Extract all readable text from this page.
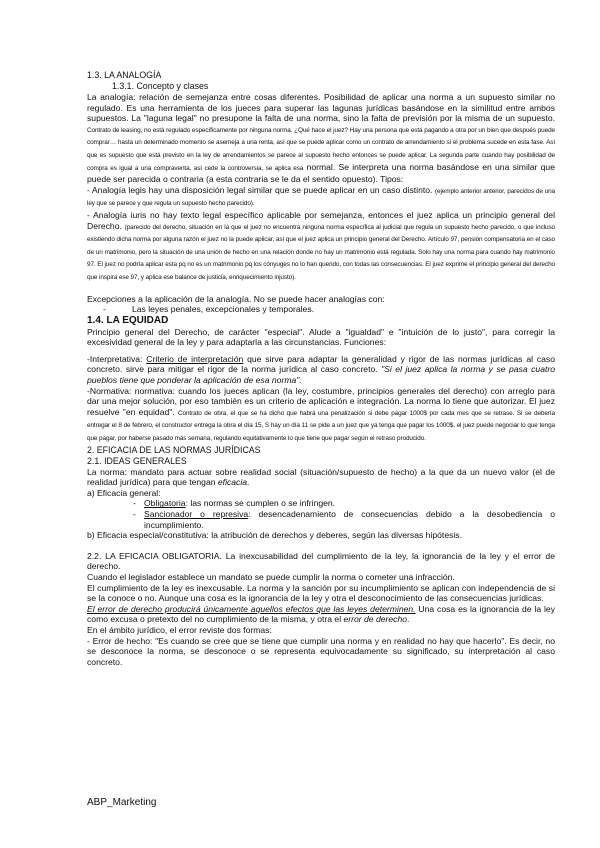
1.3. LA ANALOGÍA

1.3.1. Concepto y clases

La analogía: relación de semejanza entre cosas diferentes. Posibilidad de aplicar una norma a un supuesto similar no regulado. Es una herramienta de los jueces para superar las lagunas jurídicas basándose en la similitud entre ambos supuestos. La "laguna legal" no presupone la falta de una norma, sino la falta de previsión por la misma de un supuesto. Contrato de leasing, no está regulado específicamente por ninguna norma. ¿Qué hace el juez? Hay una persona que está pagando a otra por un bien que después puede comprar… hasta un determinado momento se asemeja a una renta, así que se puede aplicar como un contrato de arrendamiento si el problema sucede en esta fase. Así que es supuesto que está previsto en la ley de arrendamientos se parece al supuesto hecho entonces se puede aplicar. La segunda parte cuando hay posibilidad de compra es igual a una compraventa, así cede la controversia, se aplica esa normal. Se interpreta una norma basándose en una similar que puede ser parecida o contraria (a esta contraria se le da el sentido opuesto). Tipos:

- Analogía legis hay una disposición legal similar que se puede aplicar en un caso distinto. (ejemplo anterior anterior, parecidos de una ley que se parece y que regula un supuesto hecho parecido).

- Analogía iuris no hay texto legal específico aplicable por semejanza, entonces el juez aplica un principio general del Derecho. (parecido del derecho, situación en la que el juez no encuentra ninguna norma específica al judicial que regula un supuesto hecho parecido, o que incluso existiendo dicha norma por alguna razón el juez no la puede aplicar, así que el juez aplica un principio general del Derecho. Artículo 97, pensión compensatoria en el caso de un matrimonio, pero la situación de una unión de hecho en una relación donde no hay un matrimonio está regulada. Solo hay una norma para cuando hay matrimonio 97. El juez no podría aplicar esta pq no es un matrimonio pq los cónyuges no lo han querido, con todas las consecuencias. El juez exprime el principio general del derecho que inspira ese 97, y aplica ese balance de justicia, enriquecimiento injusto).

Excepciones a la aplicación de la analogía. No se puede hacer analogías con:

-	Las leyes penales, excepcionales y temporales.

1.4. LA EQUIDAD

Principio general del Derecho, de carácter "especial". Alude a "igualdad" e "intuición de lo justo", para corregir la excesividad general de la ley y para adaptarla a las circunstancias. Funciones:

-Interpretativa: Criterio de interpretación que sirve para adaptar la generalidad y rigor de las normas jurídicas al caso concreto. sirve para mitigar el rigor de la norma jurídica al caso concreto. "Si el juez aplica la norma y se pasa cuatro pueblos tiene que ponderar la aplicación de esa norma".

-Normativa: normativa: cuando los jueces aplican (la ley, costumbre, principios generales del derecho) con arreglo para dar una mejor solución, por eso también es un criterio de aplicación e integración. La norma lo tiene que autorizar. El juez resuelve "en equidad". Contrato de obra, el que se ha dicho que habrá una penalización si debe pagar 1000$ por cada mes que se retrase. Si se debería entregar el 8 de febrero, el constructor entrega la obra el día 15, S hay un día 11 se pide a un juez que ya tenga que pagar los 1000$, el juez puede negociar lo que tenga que pagar, por haberse pasado más semana, regulando equitativamente lo que tiene que pagar según el retraso producido.

2. EFICACIA DE LAS NORMAS JURÍDICAS

2.1. IDEAS GENERALES

La norma: mandato para actuar sobre realidad social (situación/supuesto de hecho) a la que da un nuevo valor (el de realidad jurídica) para que tengan eficacia.

a) Eficacia general:

- Obligatoria: las normas se cumplen o se infringen.
- Sancionador o represiva: desencadenamiento de consecuencias debido a la desobediencia o incumplimiento.

b) Eficacia especial/constitutiva: la atribución de derechos y deberes, según las diversas hipótesis.

2.2. LA EFICACIA OBLIGATORIA. La inexcusabilidad del cumplimiento de la ley, la ignorancia de la ley y el error de derecho.

Cuando el legislador establece un mandato se puede cumplir la norma o cometer una infracción.

El cumplimiento de la ley es inexcusable. La norma y la sanción por su incumplimiento se aplican con independencia de si se la conoce o no. Aunque una cosa es la ignorancia de la ley y otra el desconocimiento de las consecuencias jurídicas.

El error de derecho producirá únicamente aquellos efectos que las leyes determinen. Una cosa es la ignorancia de la ley como excusa o pretexto del no cumplimiento de la misma, y otra el error de derecho.

En el ámbito jurídico, el error reviste dos formas:

- Error de hecho: "Es cuando se cree que se tiene que cumplir una norma y en realidad no hay que hacerlo". Es decir, no se desconoce la norma, se desconoce o se representa equivocadamente su significado, su interpretación al caso concreto.

ABP_Marketing
